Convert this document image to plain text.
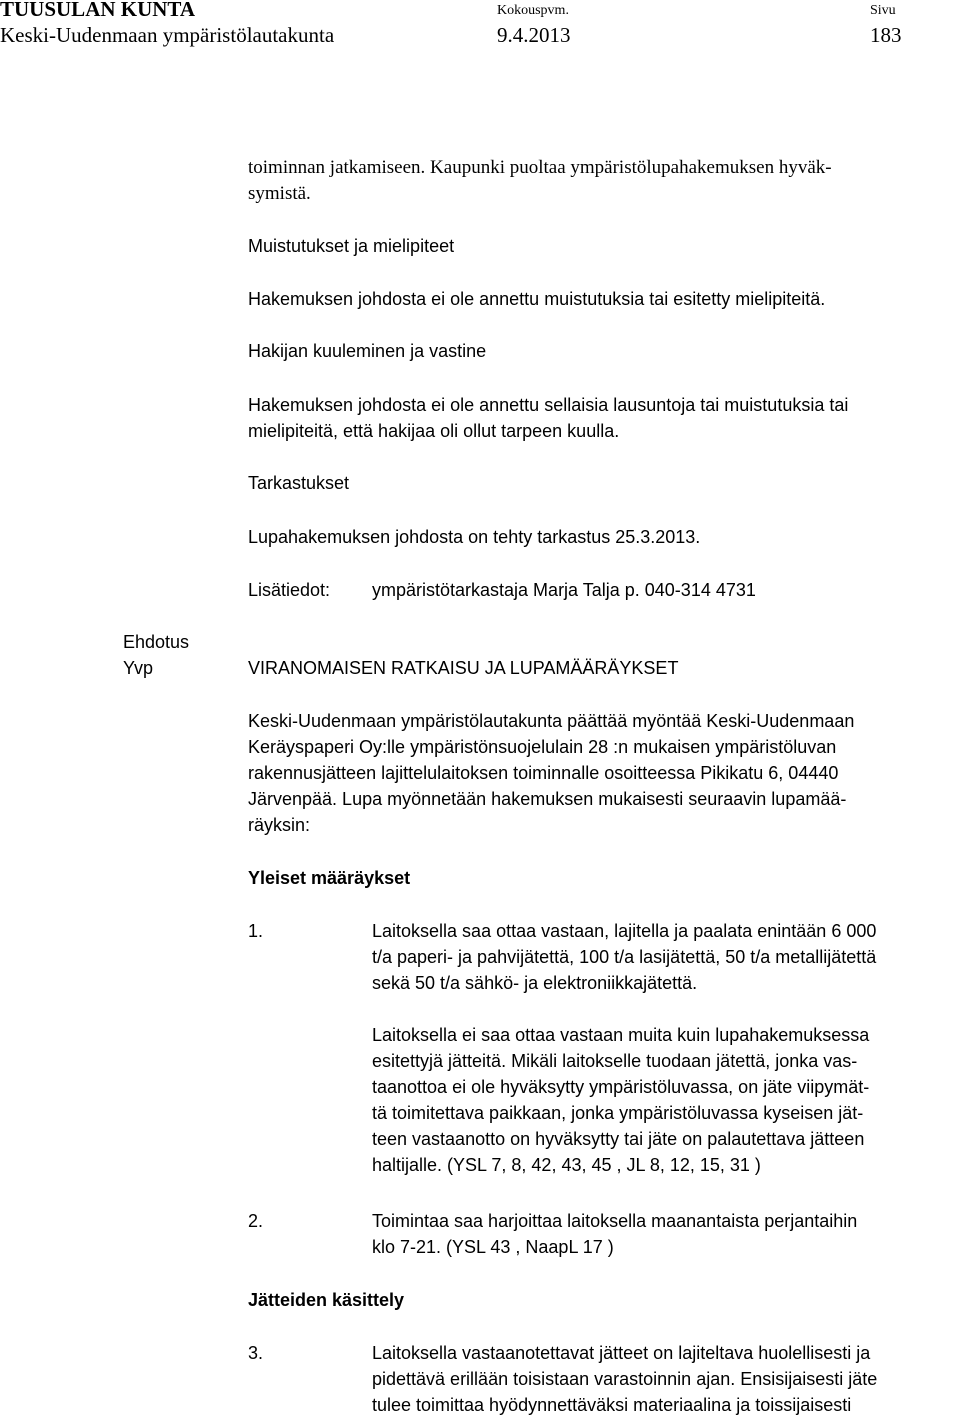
TUUSULAN KUNTA
Keski-Uudenmaan ympäristölautakunta
Kokouspvm.
9.4.2013
Sivu
183
toiminnan jatkamiseen. Kaupunki puoltaa ympäristölupahakemuksen hyväk-
symistä.
Muistutukset ja mielipiteet
Hakemuksen johdosta ei ole annettu muistutuksia tai esitetty mielipiteitä.
Hakijan kuuleminen ja vastine
Hakemuksen johdosta ei ole annettu sellaisia lausuntoja tai muistutuksia tai
mielipiteitä, että hakijaa oli ollut tarpeen kuulla.
Tarkastukset
Lupahakemuksen johdosta on tehty tarkastus 25.3.2013.
Lisätiedot: ympäristötarkastaja Marja Talja p. 040-314 4731
Ehdotus
Yvp	VIRANOMAISEN RATKAISU JA LUPAMÄÄRÄYKSET
Keski-Uudenmaan ympäristölautakunta päättää myöntää Keski-Uudenmaan
Keräyspaperi Oy:lle ympäristönsuojelulain 28 :n mukaisen ympäristöluvan
rakennusjätteen lajittelulaitoksen toiminnalle osoitteessa Pikikatu 6, 04440
Järvenpää. Lupa myönnetään hakemuksen mukaisesti seuraavin lupamää-
räyksin:
Yleiset määräykset
1.	Laitoksella saa ottaa vastaan, lajitella ja paalata enintään 6 000
t/a paperi- ja pahvijätettä, 100 t/a lasijätettä, 50 t/a metallijätettä
sekä 50 t/a sähkö- ja elektroniikkajätettä.
Laitoksella ei saa ottaa vastaan muita kuin lupahakemuksessa
esitettyjä jätteitä. Mikäli laitokselle tuodaan jätettä, jonka vas-
taanottoa ei ole hyväksytty ympäristöluvassa, on jäte viipymät-
tä toimitettava paikkaan, jonka ympäristöluvassa kyseisen jät-
teen vastaanotto on hyväksytty tai jäte on palautettava jätteen
haltijalle. (YSL 7, 8, 42, 43, 45 , JL 8, 12, 15, 31 )
2.	Toimintaa saa harjoittaa laitoksella maanantaista perjantaihin
klo 7-21. (YSL 43 , NaapL 17 )
Jätteiden käsittely
3.	Laitoksella vastaanotettavat jätteet on lajiteltava huolellisesti ja
pidettävä erillään toisistaan varastoinnin ajan. Ensisijaisesti jäte
tulee toimittaa hyödynnettäväksi materiaalina ja toissijaisesti
